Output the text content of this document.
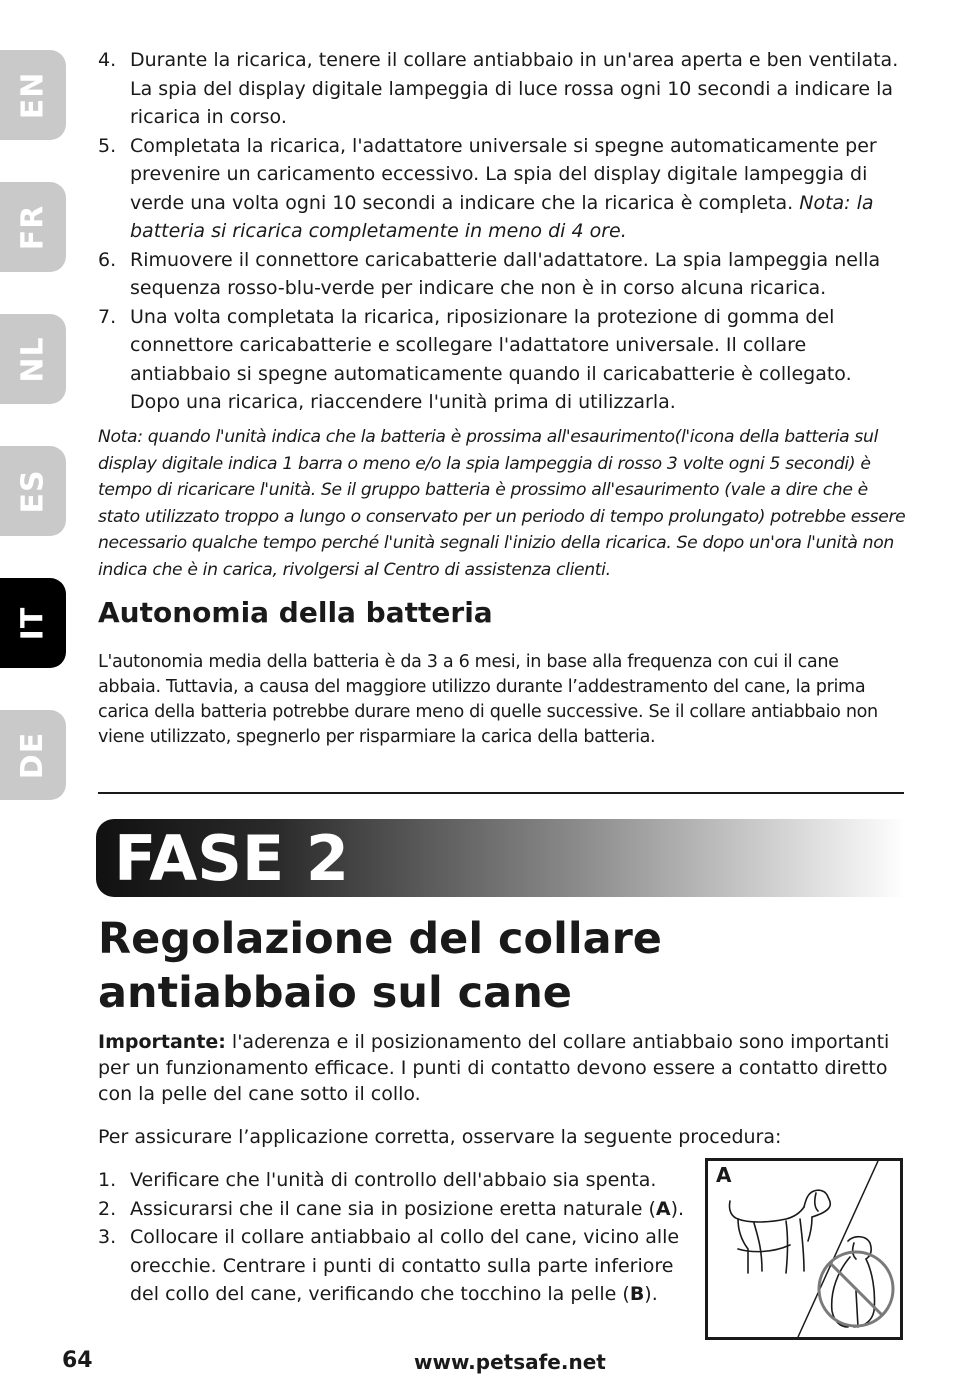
EN
FR
NL
ES
IT
DE
4. Durante la ricarica, tenere il collare antiabbaio in un'area aperta e ben ventilata. La spia del display digitale lampeggia di luce rossa ogni 10 secondi a indicare la ricarica in corso.
5. Completata la ricarica, l'adattatore universale si spegne automaticamente per prevenire un caricamento eccessivo. La spia del display digitale lampeggia di verde una volta ogni 10 secondi a indicare che la ricarica è completa. Nota: la batteria si ricarica completamente in meno di 4 ore.
6. Rimuovere il connettore caricabatterie dall'adattatore. La spia lampeggia nella sequenza rosso-blu-verde per indicare che non è in corso alcuna ricarica.
7. Una volta completata la ricarica, riposizionare la protezione di gomma del connettore caricabatterie e scollegare l'adattatore universale. Il collare antiabbaio si spegne automaticamente quando il caricabatterie è collegato. Dopo una ricarica, riaccendere l'unità prima di utilizzarla.

Nota: quando l'unità indica che la batteria è prossima all'esaurimento(l'icona della batteria sul display digitale indica 1 barra o meno e/o la spia lampeggia di rosso 3 volte ogni 5 secondi) è tempo di ricaricare l'unità. Se il gruppo batteria è prossimo all'esaurimento (vale a dire che è stato utilizzato troppo a lungo o conservato per un periodo di tempo prolungato) potrebbe essere necessario qualche tempo perché l'unità segnali l'inizio della ricarica. Se dopo un'ora l'unità non indica che è in carica, rivolgersi al Centro di assistenza clienti.

Autonomia della batteria

L'autonomia media della batteria è da 3 a 6 mesi, in base alla frequenza con cui il cane abbaia. Tuttavia, a causa del maggiore utilizzo durante l’addestramento del cane, la prima carica della batteria potrebbe durare meno di quelle successive. Se il collare antiabbaio non viene utilizzato, spegnerlo per risparmiare la carica della batteria.

FASE 2
Regolazione del collare antiabbaio sul cane

Importante: l'aderenza e il posizionamento del collare antiabbaio sono importanti per un funzionamento efficace. I punti di contatto devono essere a contatto diretto con la pelle del cane sotto il collo.

Per assicurare l’applicazione corretta, osservare la seguente procedura:

1. Verificare che l'unità di controllo dell'abbaio sia spenta.
2. Assicurarsi che il cane sia in posizione eretta naturale (A).
3. Collocare il collare antiabbaio al collo del cane, vicino alle orecchie. Centrare i punti di contatto sulla parte inferiore del collo del cane, verificando che tocchino la pelle (B).
A
64	www.petsafe.net
